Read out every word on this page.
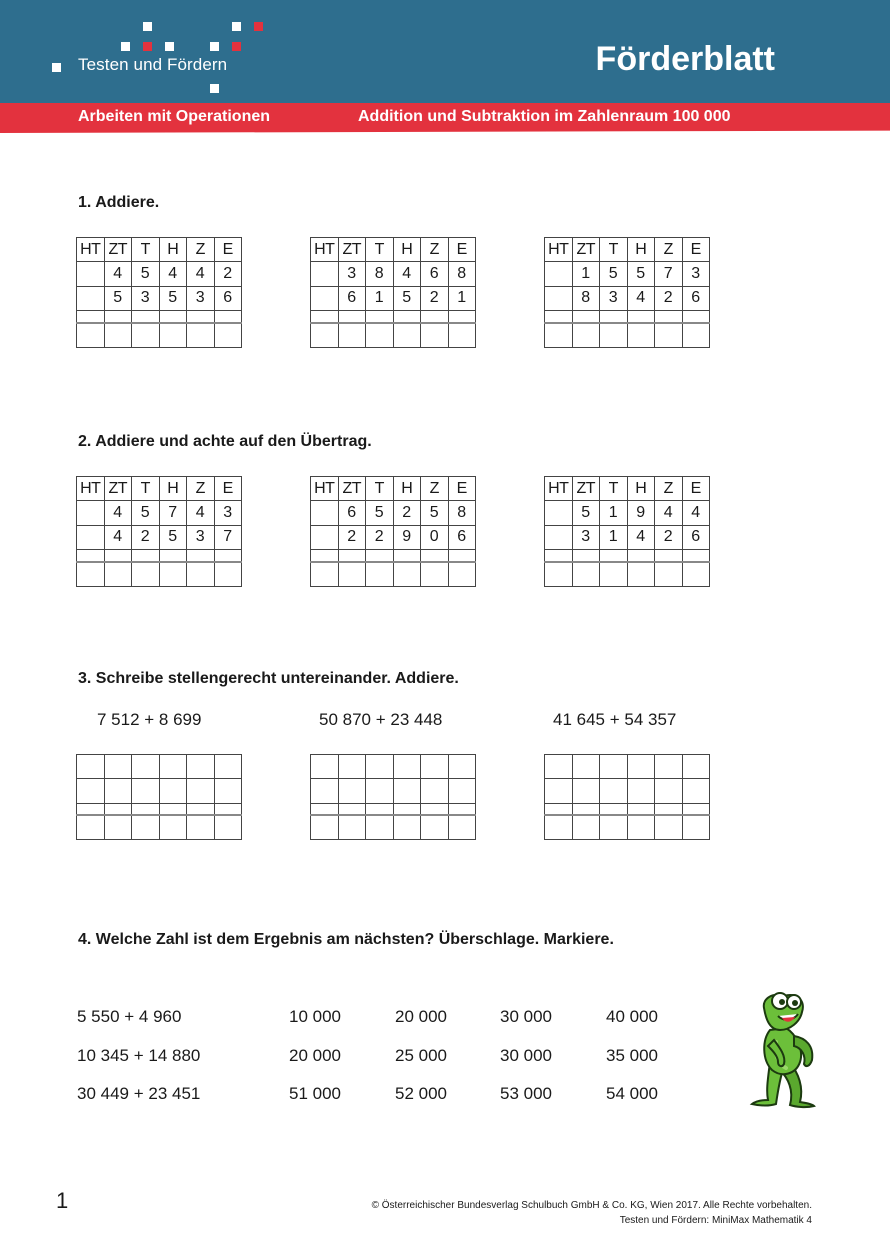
Testen und Fördern	Förderblatt
Arbeiten mit Operationen	Addition und Subtraktion im Zahlenraum 100 000
1. Addiere.
HT	ZT	T	H	Z	E
	4	5	4	4	2
	5	3	5	3	6

HT	ZT	T	H	Z	E
	3	8	4	6	8
	6	1	5	2	1

HT	ZT	T	H	Z	E
	1	5	5	7	3
	8	3	4	2	6

2. Addiere und achte auf den Übertrag.
HT	ZT	T	H	Z	E
	4	5	7	4	3
	4	2	5	3	7

HT	ZT	T	H	Z	E
	6	5	2	5	8
	2	2	9	0	6

HT	ZT	T	H	Z	E
	5	1	9	4	4
	3	1	4	2	6

3. Schreibe stellengerecht untereinander. Addiere.
7 512 + 8 699	50 870 + 23 448	41 645 + 54 357

4. Welche Zahl ist dem Ergebnis am nächsten? Überschlage. Markiere.
5 550 + 4 960	10 000	20 000	30 000	40 000
10 345 + 14 880	20 000	25 000	30 000	35 000
30 449 + 23 451	51 000	52 000	53 000	54 000
1	© Österreichischer Bundesverlag Schulbuch GmbH & Co. KG, Wien 2017. Alle Rechte vorbehalten.
Testen und Fördern: MiniMax Mathematik 4
